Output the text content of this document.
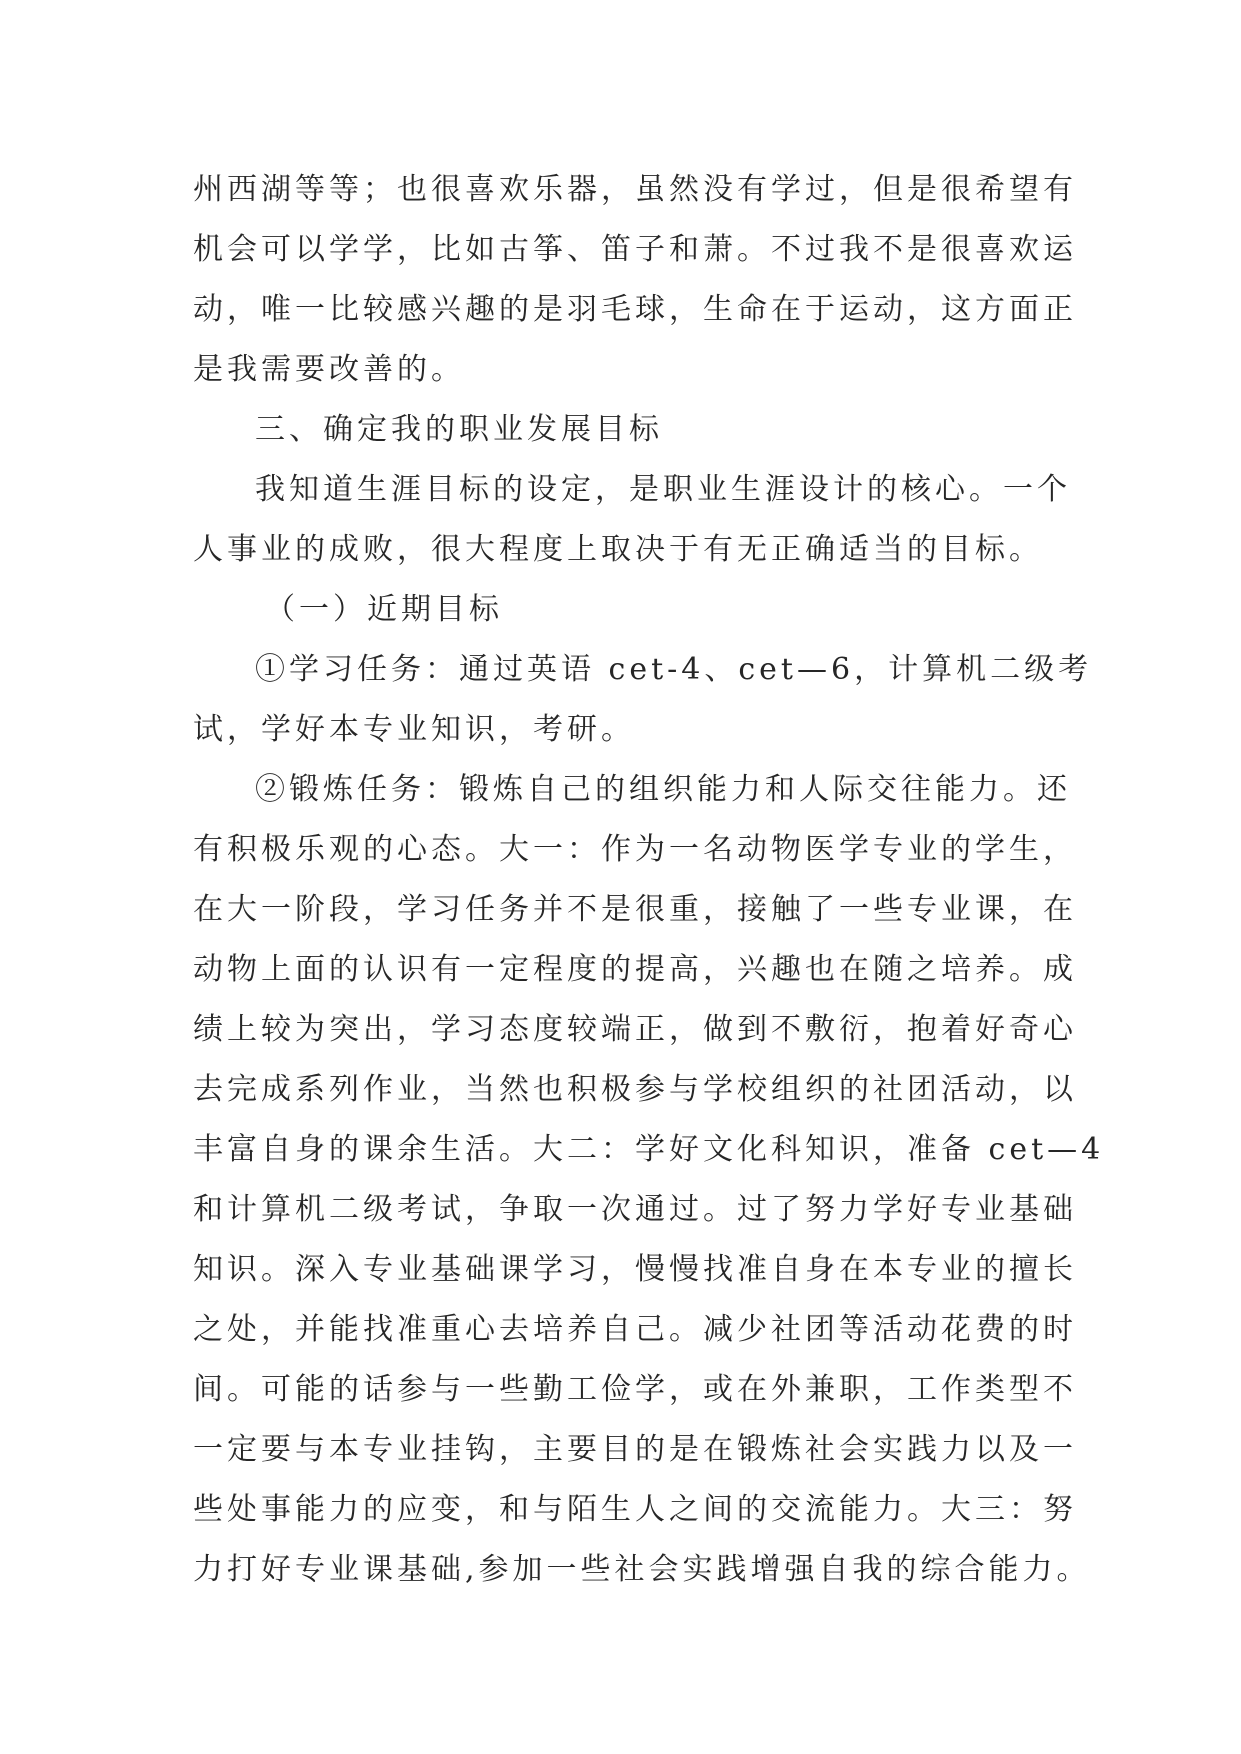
州西湖等等；也很喜欢乐器，虽然没有学过，但是很希望有
机会可以学学，比如古筝、笛子和萧。不过我不是很喜欢运
动，唯一比较感兴趣的是羽毛球，生命在于运动，这方面正
是我需要改善的。
三、确定我的职业发展目标
我知道生涯目标的设定，是职业生涯设计的核心。一个
人事业的成败，很大程度上取决于有无正确适当的目标。
（一）近期目标
①学习任务：通过英语 cet-4、cet—6，计算机二级考
试，学好本专业知识，考研。
②锻炼任务：锻炼自己的组织能力和人际交往能力。还
有积极乐观的心态。大一：作为一名动物医学专业的学生，
在大一阶段，学习任务并不是很重，接触了一些专业课，在
动物上面的认识有一定程度的提高，兴趣也在随之培养。成
绩上较为突出，学习态度较端正，做到不敷衍，抱着好奇心
去完成系列作业，当然也积极参与学校组织的社团活动，以
丰富自身的课余生活。大二：学好文化科知识，准备 cet—4
和计算机二级考试，争取一次通过。过了努力学好专业基础
知识。深入专业基础课学习，慢慢找准自身在本专业的擅长
之处，并能找准重心去培养自己。减少社团等活动花费的时
间。可能的话参与一些勤工俭学，或在外兼职，工作类型不
一定要与本专业挂钩，主要目的是在锻炼社会实践力以及一
些处事能力的应变，和与陌生人之间的交流能力。大三：努
力打好专业课基础,参加一些社会实践增强自我的综合能力。
